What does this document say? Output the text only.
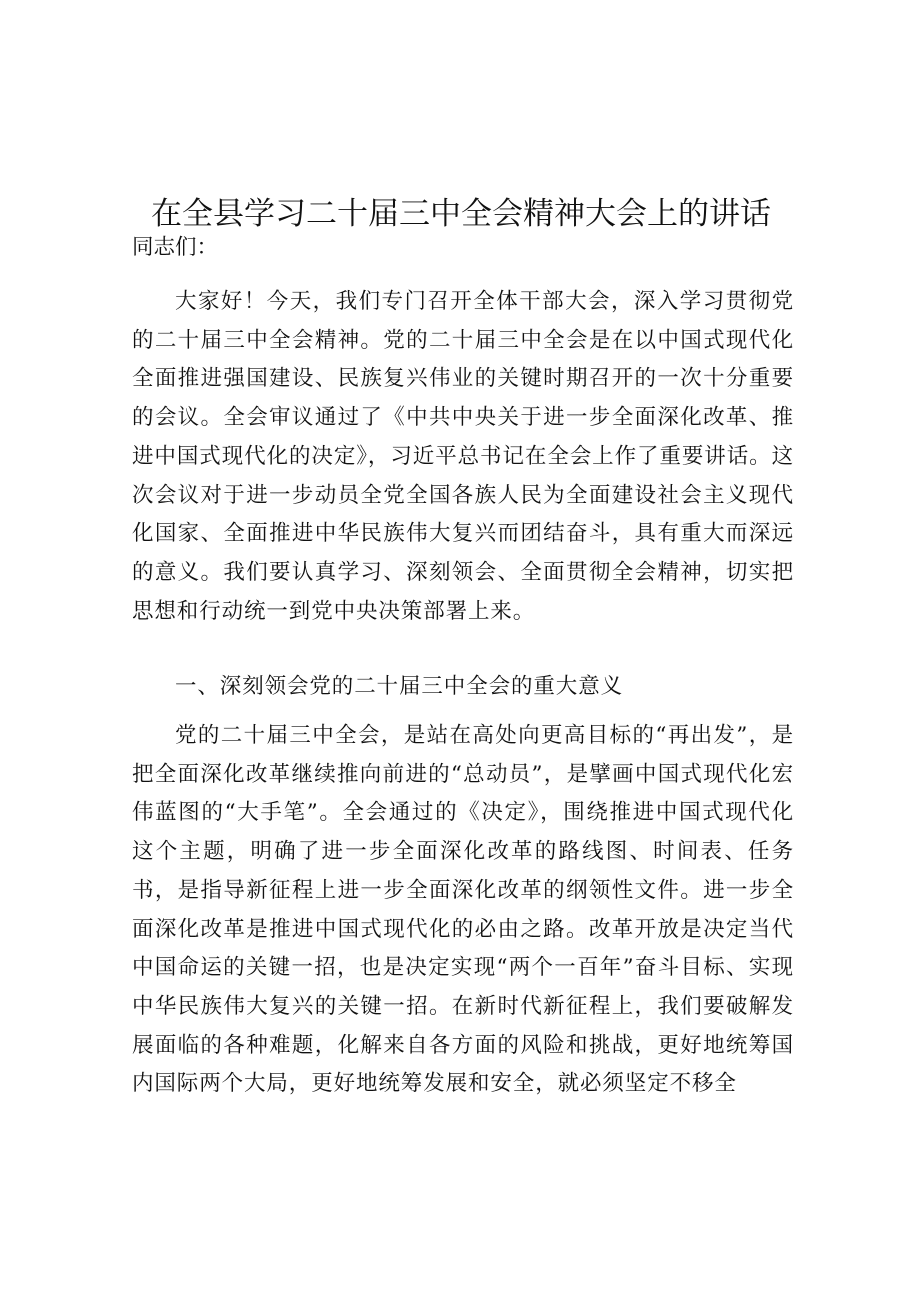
在全县学习二十届三中全会精神大会上的讲话
同志们：

大家好！今天，我们专门召开全体干部大会，深入学习贯彻党的二十届三中全会精神。党的二十届三中全会是在以中国式现代化全面推进强国建设、民族复兴伟业的关键时期召开的一次十分重要的会议。全会审议通过了《中共中央关于进一步全面深化改革、推进中国式现代化的决定》，习近平总书记在全会上作了重要讲话。这次会议对于进一步动员全党全国各族人民为全面建设社会主义现代化国家、全面推进中华民族伟大复兴而团结奋斗，具有重大而深远的意义。我们要认真学习、深刻领会、全面贯彻全会精神，切实把思想和行动统一到党中央决策部署上来。

一、深刻领会党的二十届三中全会的重大意义

党的二十届三中全会，是站在高处向更高目标的“再出发”，是把全面深化改革继续推向前进的“总动员”，是擘画中国式现代化宏伟蓝图的“大手笔”。全会通过的《决定》，围绕推进中国式现代化这个主题，明确了进一步全面深化改革的路线图、时间表、任务书，是指导新征程上进一步全面深化改革的纲领性文件。进一步全面深化改革是推进中国式现代化的必由之路。改革开放是决定当代中国命运的关键一招，也是决定实现“两个一百年”奋斗目标、实现中华民族伟大复兴的关键一招。在新时代新征程上，我们要破解发展面临的各种难题，化解来自各方面的风险和挑战，更好地统筹国内国际两个大局，更好地统筹发展和安全，就必须坚定不移全
